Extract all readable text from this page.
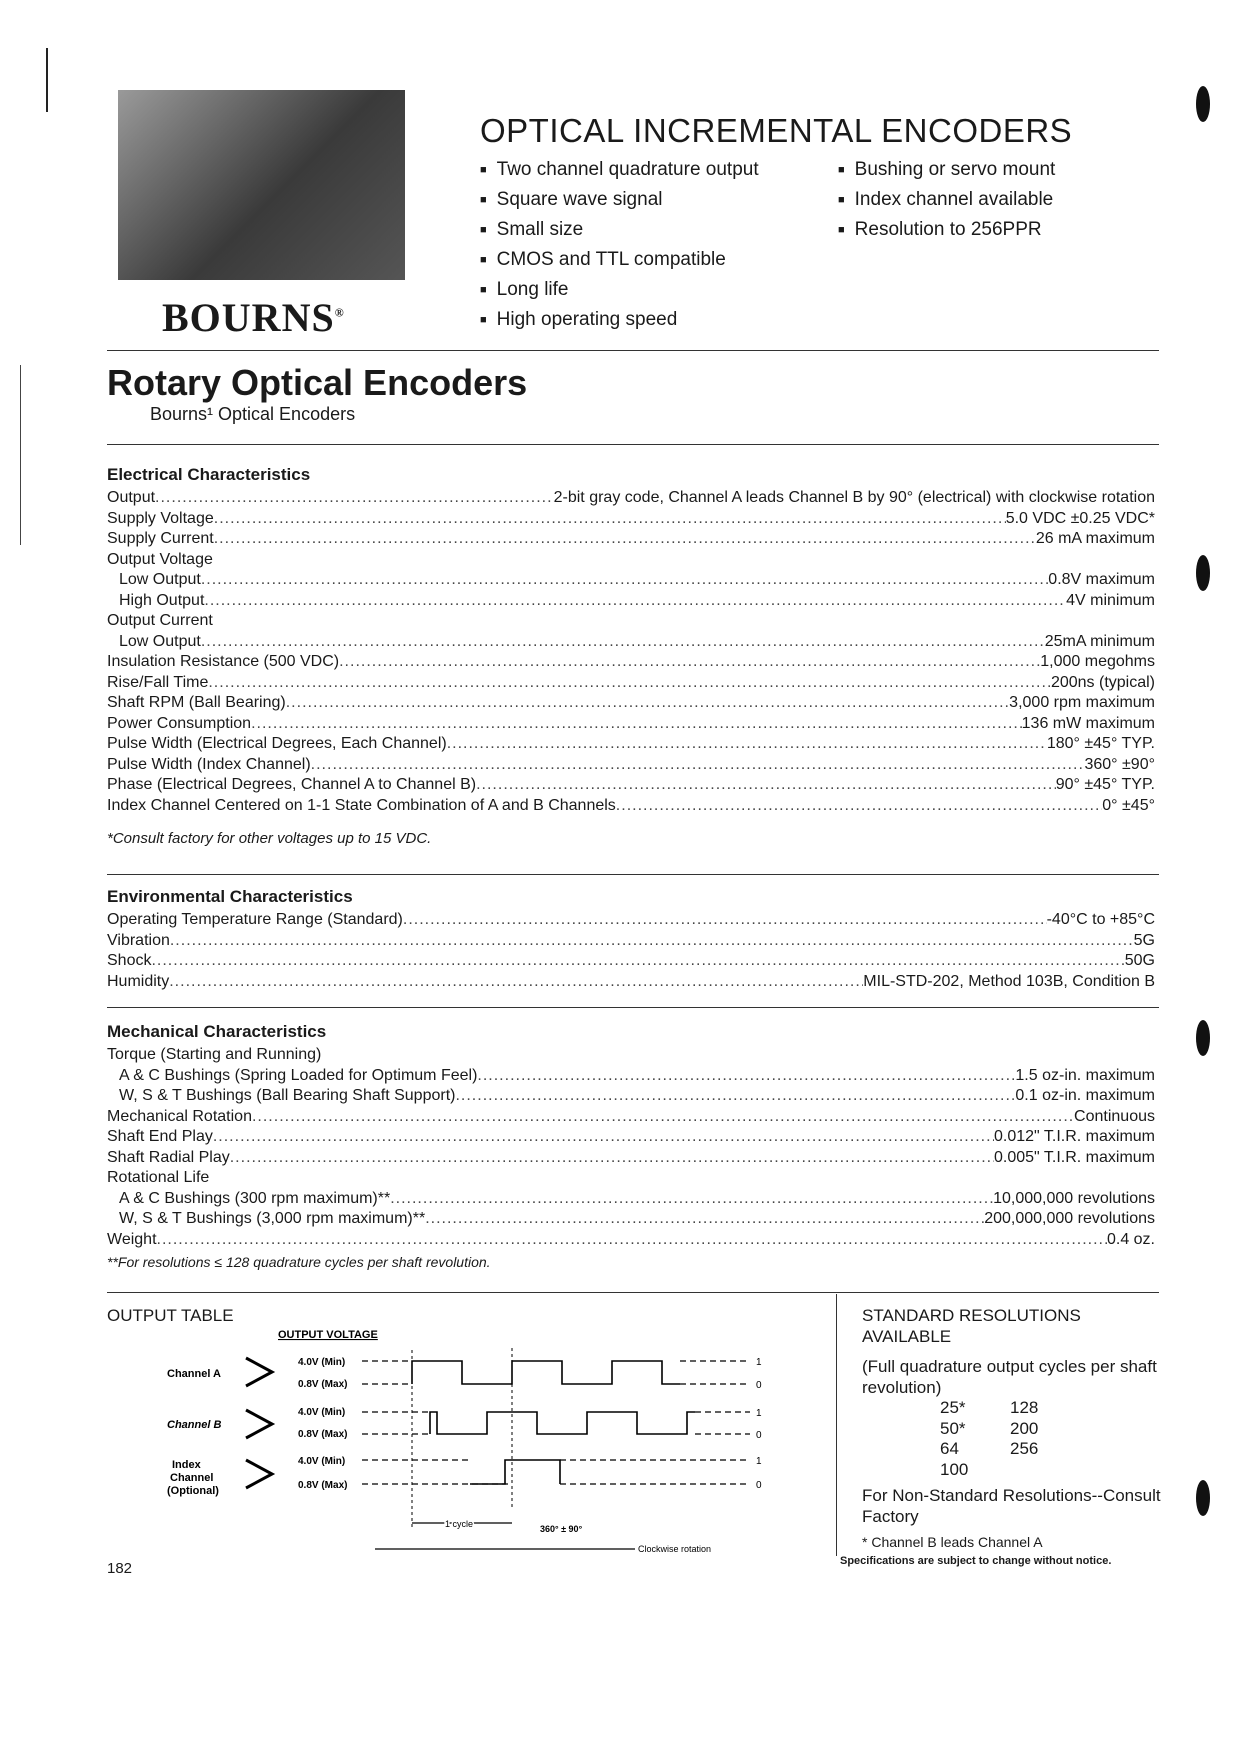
BOURNS®
OPTICAL INCREMENTAL ENCODERS
■ Two channel quadrature output
■ Square wave signal
■ Small size
■ CMOS and TTL compatible
■ Long life
■ High operating speed
■ Bushing or servo mount
■ Index channel available
■ Resolution to 256PPR
Rotary Optical Encoders
Bourns¹ Optical Encoders
Electrical Characteristics
Output .....	2-bit gray code, Channel A leads Channel B by 90° (electrical) with clockwise rotation
Supply Voltage .....	5.0 VDC ±0.25 VDC*
Supply Current .....	26 mA maximum
Output Voltage
Low Output .....	0.8V maximum
High Output .....	4V minimum
Output Current
Low Output .....	25mA minimum
Insulation Resistance (500 VDC) .....	1,000 megohms
Rise/Fall Time .....	200ns (typical)
Shaft RPM (Ball Bearing) .....	3,000 rpm maximum
Power Consumption .....	136 mW maximum
Pulse Width (Electrical Degrees, Each Channel) .....	180° ±45° TYP.
Pulse Width (Index Channel) .....	360° ±90°
Phase (Electrical Degrees, Channel A to Channel B) .....	90° ±45° TYP.
Index Channel Centered on 1-1 State Combination of A and B Channels .....	0° ±45°
*Consult factory for other voltages up to 15 VDC.
Environmental Characteristics
Operating Temperature Range (Standard) .....	-40°C to +85°C
Vibration .....	5G
Shock .....	50G
Humidity .....	MIL-STD-202, Method 103B, Condition B
Mechanical Characteristics
Torque (Starting and Running)
A & C Bushings (Spring Loaded for Optimum Feel) .....	1.5 oz-in. maximum
W, S & T Bushings (Ball Bearing Shaft Support) .....	0.1 oz-in. maximum
Mechanical Rotation .....	Continuous
Shaft End Play .....	0.012" T.I.R. maximum
Shaft Radial Play .....	0.005" T.I.R. maximum
Rotational Life
A & C Bushings (300 rpm maximum)** .....	10,000,000 revolutions
W, S & T Bushings (3,000 rpm maximum)** .....	200,000,000 revolutions
Weight .....	0.4 oz.
**For resolutions ≤ 128 quadrature cycles per shaft revolution.
OUTPUT TABLE
OUTPUT VOLTAGE
Channel A
Channel B
Index
Channel
(Optional)
4.0V (Min)
0.8V (Max)
4.0V (Min)
0.8V (Max)
4.0V (Min)
0.8V (Max)
1
0
1
0
1
0
1 cycle	360° ± 90°
Clockwise rotation

STANDARD RESOLUTIONS

AVAILABLE

(Full quadrature output cycles per shaft revolution)

25*	128
50*	200
64	256
100

For Non-Standard Resolutions--Consult Factory

* Channel B leads Channel A
Specifications are subject to change without notice.
182
